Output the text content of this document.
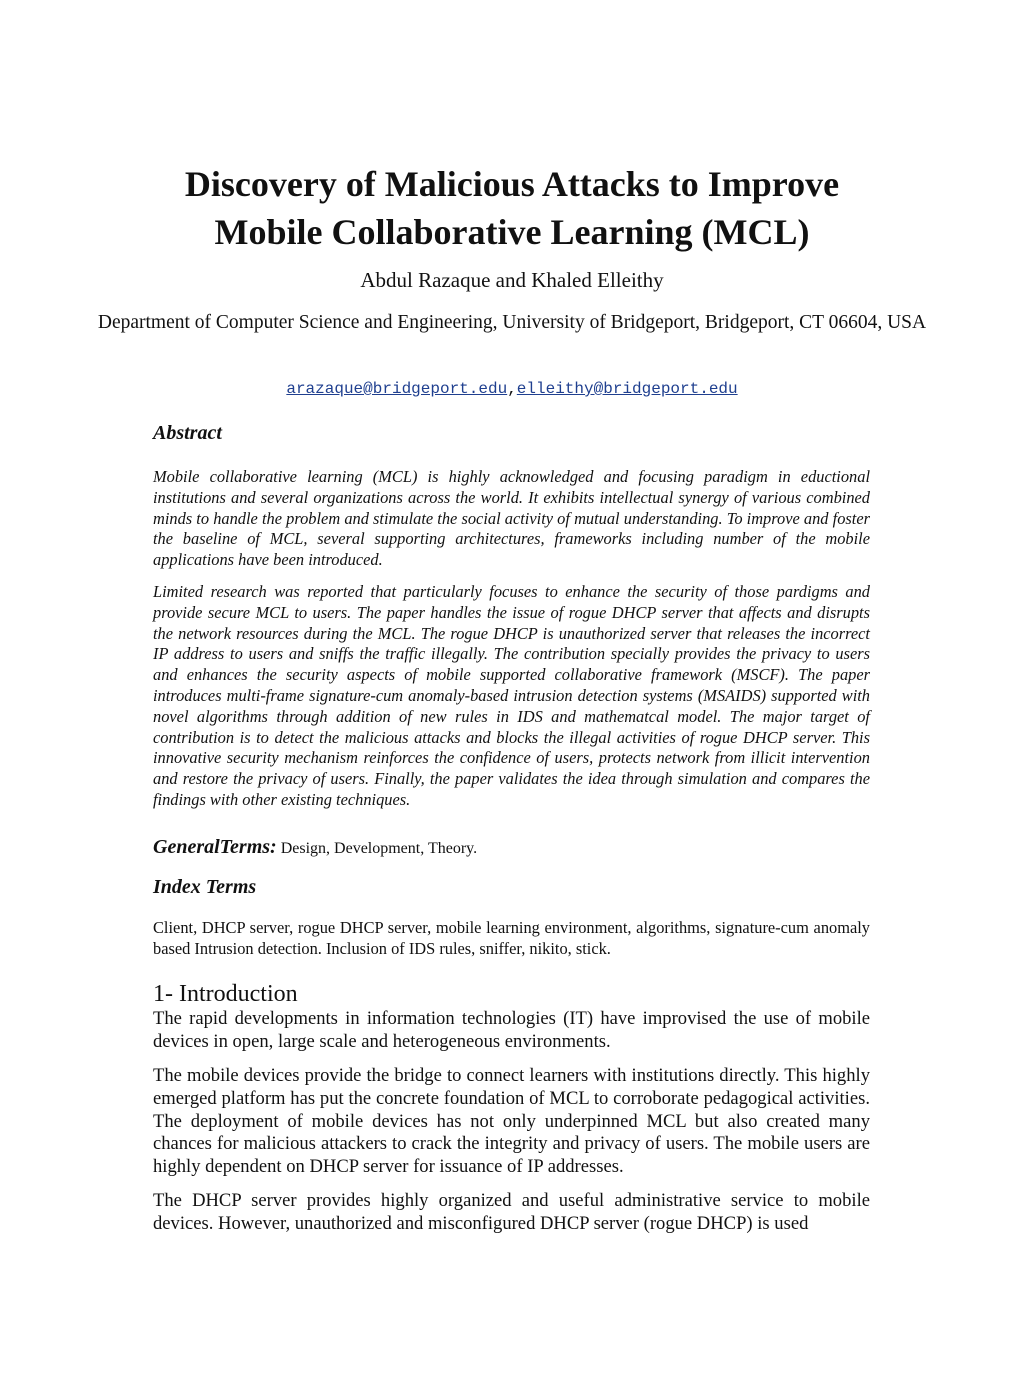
Discovery of Malicious Attacks to Improve
Mobile Collaborative Learning (MCL)
Abdul Razaque and Khaled Elleithy
Department of Computer Science and Engineering, University of Bridgeport, Bridgeport, CT 06604, USA
arazaque@bridgeport.edu,elleithy@bridgeport.edu
Abstract

Mobile collaborative learning (MCL) is highly acknowledged and focusing paradigm in eductional institutions and several organizations across the world. It exhibits intellectual synergy of various combined minds to handle the problem and stimulate the social activity of mutual understanding. To improve and foster the baseline of MCL, several supporting architectures, frameworks including number of the mobile applications have been introduced.

Limited research was reported that particularly focuses to enhance the security of those pardigms and provide secure MCL to users. The paper handles the issue of rogue DHCP server that affects and disrupts the network resources during the MCL. The rogue DHCP is unauthorized server that releases the incorrect IP address to users and sniffs the traffic illegally. The contribution specially provides the privacy to users and enhances the security aspects of mobile supported collaborative framework (MSCF). The paper introduces multi-frame signature-cum anomaly-based intrusion detection systems (MSAIDS) supported with novel algorithms through addition of new rules in IDS and mathematcal model. The major target of contribution is to detect the malicious attacks and blocks the illegal activities of rogue DHCP server. This innovative security mechanism reinforces the confidence of users, protects network from illicit intervention and restore the privacy of users. Finally, the paper validates the idea through simulation and compares the findings with other existing techniques.

GeneralTerms: Design, Development, Theory.
Index Terms

Client, DHCP server, rogue DHCP server, mobile learning environment, algorithms, signature-cum anomaly based Intrusion detection. Inclusion of IDS rules, sniffer, nikito, stick.

1- Introduction

The rapid developments in information technologies (IT) have improvised the use of mobile devices in open, large scale and heterogeneous environments.

The mobile devices provide the bridge to connect learners with institutions directly. This highly emerged platform has put the concrete foundation of MCL to corroborate pedagogical activities. The deployment of mobile devices has not only underpinned MCL but also created many chances for malicious attackers to crack the integrity and privacy of users. The mobile users are highly dependent on DHCP server for issuance of IP addresses.

The DHCP server provides highly organized and useful administrative service to mobile devices. However, unauthorized and misconfigured DHCP server (rogue DHCP) is used
